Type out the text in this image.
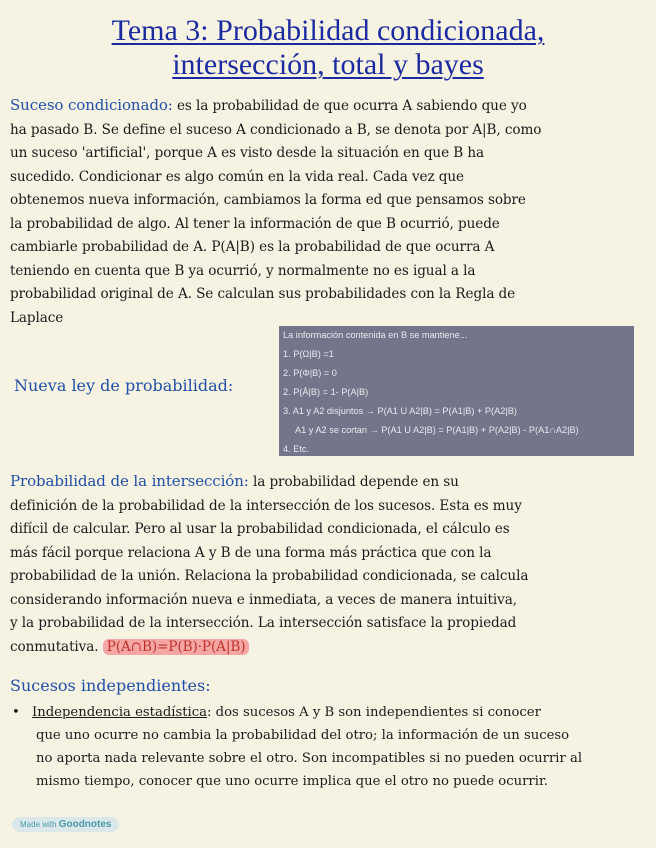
Tema 3: Probabilidad condicionada,
intersección, total y bayes
Suceso condicionado: es la probabilidad de que ocurra A sabiendo que yo
ha pasado B. Se define el suceso A condicionado a B, se denota por A|B, como
un suceso 'artificial', porque A es visto desde la situación en que B ha
sucedido. Condicionar es algo común en la vida real. Cada vez que
obtenemos nueva información, cambiamos la forma ed que pensamos sobre
la probabilidad de algo. Al tener la información de que B ocurrió, puede
cambiarle probabilidad de A. P(A|B) es la probabilidad de que ocurra A
teniendo en cuenta que B ya ocurrió, y normalmente no es igual a la
probabilidad original de A. Se calculan sus probabilidades con la Regla de
Laplace
Nueva ley de probabilidad:
La información contenida en B se mantiene...
1. P(Ω|B) =1
2. P(Φ|B) = 0
2. P(Ā|B) = 1- P(A|B)
3. A1 y A2 disjuntos → P(A1 U A2|B) = P(A1|B) + P(A2|B)
A1 y A2 se cortan → P(A1 U A2|B) = P(A1|B) + P(A2|B) - P(A1∩A2|B)
4. Etc.
Probabilidad de la intersección: la probabilidad depende en su
definición de la probabilidad de la intersección de los sucesos. Esta es muy
difícil de calcular. Pero al usar la probabilidad condicionada, el cálculo es
más fácil porque relaciona A y B de una forma más práctica que con la
probabilidad de la unión. Relaciona la probabilidad condicionada, se calcula
considerando información nueva e inmediata, a veces de manera intuitiva,
y la probabilidad de la intersección. La intersección satisface la propiedad
conmutativa. P(A∩B)=P(B)·P(A|B)
Sucesos independientes:
• Independencia estadística: dos sucesos A y B son independientes si conocer
que uno ocurre no cambia la probabilidad del otro; la información de un suceso
no aporta nada relevante sobre el otro. Son incompatibles si no pueden ocurrir al
mismo tiempo, conocer que uno ocurre implica que el otro no puede ocurrir.
Made with Goodnotes
